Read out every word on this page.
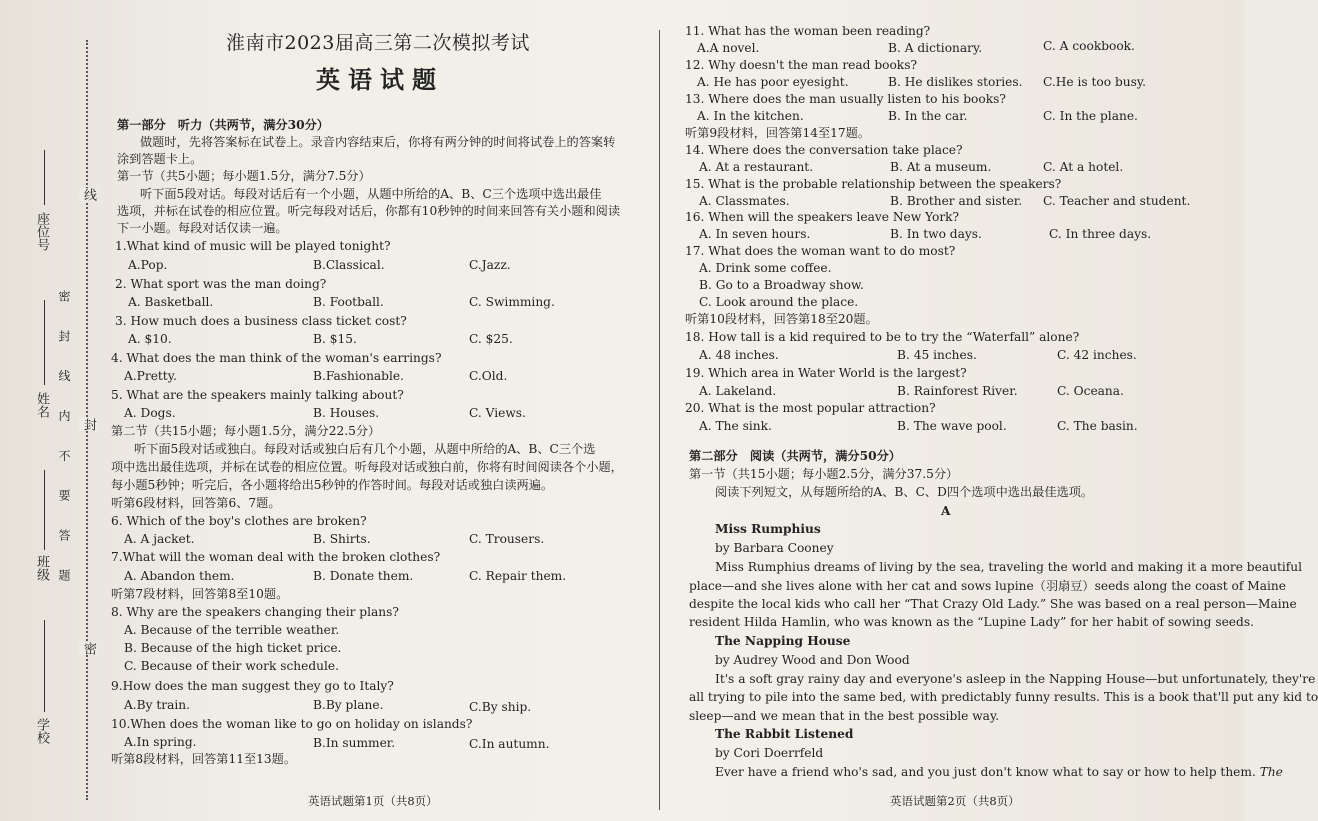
座位号
姓名
班级
学校
线
封
密
密 封 线 内 不 要 答 题
淮南市2023届高三第二次模拟考试
英语试题
第一部分　听力（共两节，满分30分）
做题时，先将答案标在试卷上。录音内容结束后，你将有两分钟的时间将试卷上的答案转
涂到答题卡上。
第一节（共5小题；每小题1.5分，满分7.5分）
听下面5段对话。每段对话后有一个小题，从题中所给的A、B、C三个选项中选出最佳
选项，并标在试卷的相应位置。听完每段对话后，你都有10秒钟的时间来回答有关小题和阅读
下一小题。每段对话仅读一遍。
1.What kind of music will be played tonight?
A.Pop.	B.Classical.	C.Jazz.
2. What sport was the man doing?
A. Basketball.	B. Football.	C. Swimming.
3. How much does a business class ticket cost?
A. $10.	B. $15.	C. $25.
4. What does the man think of the woman's earrings?
A.Pretty.	B.Fashionable.	C.Old.
5. What are the speakers mainly talking about?
A. Dogs.	B. Houses.	C. Views.
第二节（共15小题；每小题1.5分，满分22.5分）
听下面5段对话或独白。每段对话或独白后有几个小题，从题中所给的A、B、C三个选
项中选出最佳选项，并标在试卷的相应位置。听每段对话或独白前，你将有时间阅读各个小题，
每小题5秒钟；听完后，各小题将给出5秒钟的作答时间。每段对话或独白读两遍。
听第6段材料，回答第6、7题。
6. Which of the boy's clothes are broken?
A. A jacket.	B. Shirts.	C. Trousers.
7.What will the woman deal with the broken clothes?
A. Abandon them.	B. Donate them.	C. Repair them.
听第7段材料，回答第8至10题。
8. Why are the speakers changing their plans?
A. Because of the terrible weather.
B. Because of the high ticket price.
C. Because of their work schedule.
9.How does the man suggest they go to Italy?
A.By train.	B.By plane.	C.By ship.
10.When does the woman like to go on holiday on islands?
A.In spring.	B.In summer.	C.In autumn.
听第8段材料，回答第11至13题。
英语试题第1页（共8页）
11. What has the woman been reading?
A.A novel.	B. A dictionary.	C. A cookbook.
12. Why doesn't the man read books?
A. He has poor eyesight.	B. He dislikes stories. C.He is too busy.
13. Where does the man usually listen to his books?
A. In the kitchen.	B. In the car.	C. In the plane.
听第9段材料，回答第14至17题。
14. Where does the conversation take place?
A. At a restaurant.	B. At a museum.	C. At a hotel.
15. What is the probable relationship between the speakers?
A. Classmates.	B. Brother and sister. C. Teacher and student.
16. When will the speakers leave New York?
A. In seven hours.	B. In two days.	C. In three days.
17. What does the woman want to do most?
A. Drink some coffee.
B. Go to a Broadway show.
C. Look around the place.
听第10段材料，回答第18至20题。
18. How tall is a kid required to be to try the “Waterfall” alone?
A. 48 inches.	B. 45 inches.	C. 42 inches.
19. Which area in Water World is the largest?
A. Lakeland.	B. Rainforest River.	C. Oceana.
20. What is the most popular attraction?
A. The sink.	B. The wave pool.	C. The basin.
第二部分　阅读（共两节，满分50分）
第一节（共15小题；每小题2.5分，满分37.5分）
阅读下列短文，从每题所给的A、B、C、D四个选项中选出最佳选项。
A
Miss Rumphius
by Barbara Cooney
Miss Rumphius dreams of living by the sea, traveling the world and making it a more beautiful
place—and she lives alone with her cat and sows lupine（羽扇豆）seeds along the coast of Maine
despite the local kids who call her “That Crazy Old Lady.” She was based on a real person—Maine
resident Hilda Hamlin, who was known as the “Lupine Lady” for her habit of sowing seeds.
The Napping House
by Audrey Wood and Don Wood
It's a soft gray rainy day and everyone's asleep in the Napping House—but unfortunately, they're
all trying to pile into the same bed, with predictably funny results. This is a book that'll put any kid to
sleep—and we mean that in the best possible way.
The Rabbit Listened
by Cori Doerrfeld
Ever have a friend who's sad, and you just don't know what to say or how to help them. The
英语试题第2页（共8页）
